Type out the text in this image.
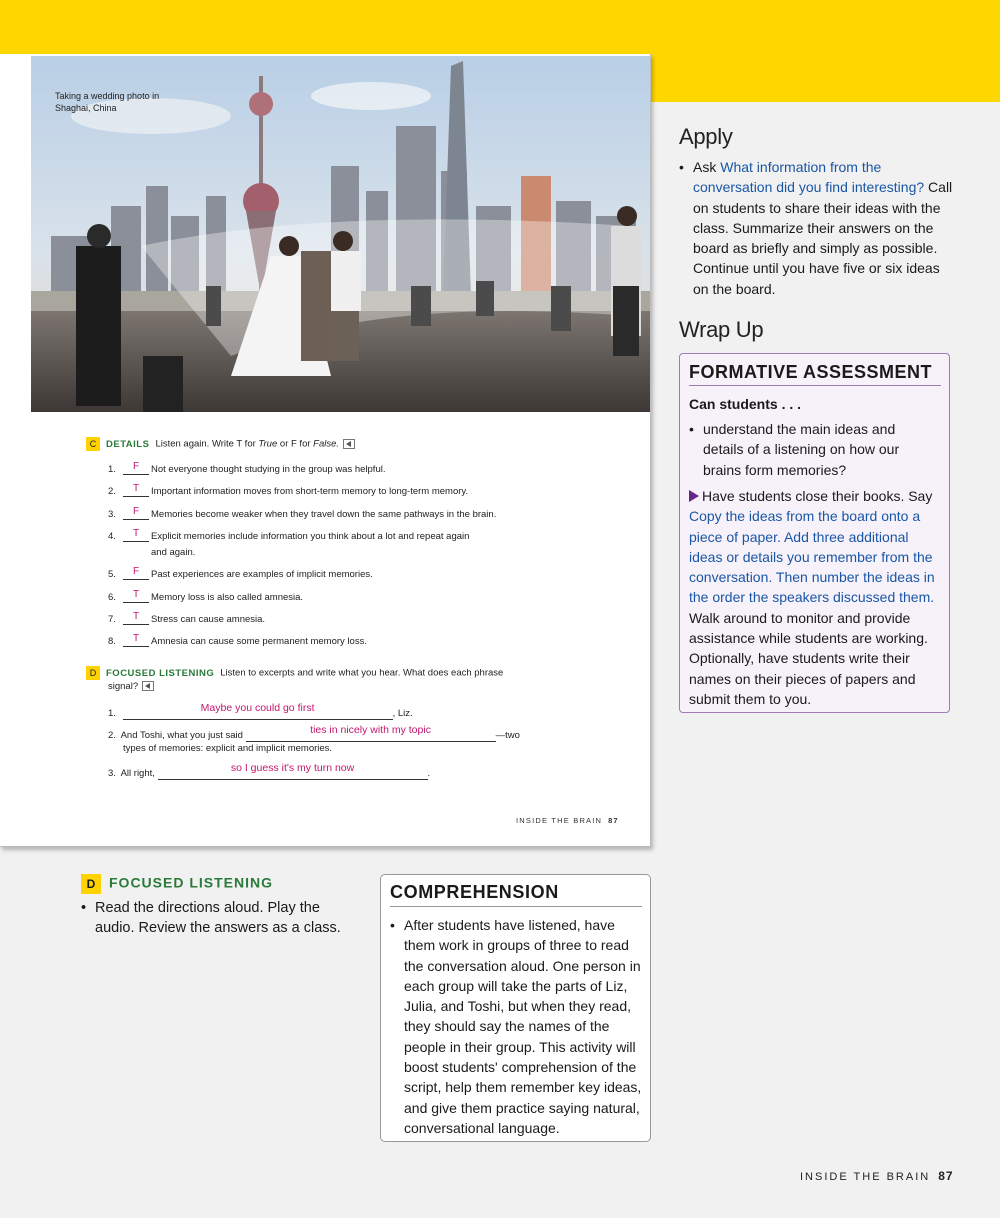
Taking a wedding photo in Shaghai, China
C DETAILS Listen again. Write T for True or F for False.
1.	F	Not everyone thought studying in the group was helpful.
2.	T	Important information moves from short-term memory to long-term memory.
3.	F	Memories become weaker when they travel down the same pathways in the brain.
4.	T	Explicit memories include information you think about a lot and repeat again
and again.
5.	F	Past experiences are examples of implicit memories.
6.	T	Memory loss is also called amnesia.
7.	T	Stress can cause amnesia.
8.	T	Amnesia can cause some permanent memory loss.
D FOCUSED LISTENING Listen to excerpts and write what you hear. What does each phrase
signal?
1.	Maybe you could go first	, Liz.
2. And Toshi, what you just said	ties in nicely with my topic	—two
types of memories: explicit and implicit memories.
3. All right,	so I guess it's my turn now	.
INSIDE THE BRAIN 87
Apply
• Ask What information from the conversation did you find interesting? Call on students to share their ideas with the class. Summarize their answers on the board as briefly and simply as possible. Continue until you have five or six ideas on the board.
Wrap Up
FORMATIVE ASSESSMENT
Can students . . .
• understand the main ideas and details of a listening on how our brains form memories?
Have students close their books. Say Copy the ideas from the board onto a piece of paper. Add three additional ideas or details you remember from the conversation. Then number the ideas in the order the speakers discussed them. Walk around to monitor and provide assistance while students are working. Optionally, have students write their names on their pieces of papers and submit them to you.
D FOCUSED LISTENING
• Read the directions aloud. Play the audio. Review the answers as a class.
COMPREHENSION
• After students have listened, have them work in groups of three to read the conversation aloud. One person in each group will take the parts of Liz, Julia, and Toshi, but when they read, they should say the names of the people in their group. This activity will boost students' comprehension of the script, help them remember key ideas, and give them practice saying natural, conversational language.
INSIDE THE BRAIN 87
